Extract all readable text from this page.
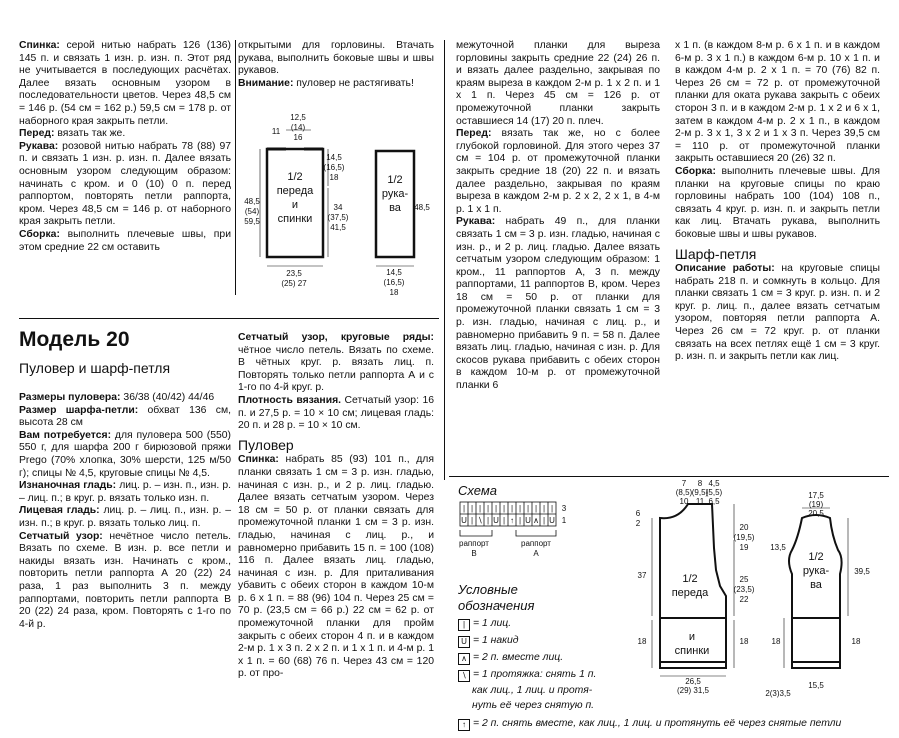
Спинка: серой нитью набрать 126 (136) 145 п. и связать 1 изн. р. изн. п. Этот ряд не учитывается в последующих расчётах. Далее вязать основным узором в последовательности цветов. Через 48,5 см = 146 р. (54 см = 162 р.) 59,5 см = 178 р. от наборного края закрыть петли.

Перед: вязать так же.

Рукава: розовой нитью набрать 78 (88) 97 п. и связать 1 изн. р. изн. п. Далее вязать основным узором следующим образом: начинать с кром. и 0 (10) 0 п. перед раппортом, повторять петли раппорта, кром. Через 48,5 см = 146 р. от наборного края закрыть петли.

Сборка: выполнить плечевые швы, при этом средние 22 см оставить

открытыми для горловины. Втачать рукава, выполнить боковые швы и швы рукавов.

Внимание: пуловер не растягивать!

12,5
(14)
16
11
14,5
(16,5)
18
48,5
(54)
59,5
34
(37,5)
41,5
23,5
(25) 27
48,5
14,5
(16,5)
18
1/2
переда
и
спинки
1/2
рука-
ва
Модель 20
Пуловер и шарф-петля

Размеры пуловера: 36/38 (40/42) 44/46

Размер шарфа-петли: обхват 136 см, высота 28 см

Вам потребуется: для пуловера 500 (550) 550 г, для шарфа 200 г бирюзовой пряжи Prego (70% хлопка, 30% шерсти, 125 м/50 г); спицы № 4,5, круговые спицы № 4,5.

Изнаночная гладь: лиц. р. – изн. п., изн. р. – лиц. п.; в круг. р. вязать только изн. п.

Лицевая гладь: лиц. р. – лиц. п., изн. р. – изн. п.; в круг. р. вязать только лиц. п.

Сетчатый узор: нечётное число петель. Вязать по схеме. В изн. р. все петли и накиды вязать изн. Начинать с кром., повторить петли раппорта А 20 (22) 24 раза, 1 раз выполнить 3 п. между раппортами, повторить петли раппорта В 20 (22) 24 раза, кром. Повторять с 1-го по 4-й р.

Сетчатый узор, круговые ряды: чётное число петель. Вязать по схеме. В чётных круг. р. вязать лиц. п. Повторять только петли раппорта А и с 1-го по 4-й круг. р.

Плотность вязания. Сетчатый узор: 16 п. и 27,5 р. = 10 × 10 см; лицевая гладь: 20 п. и 28 р. = 10 × 10 см.

Пуловер

Спинка: набрать 85 (93) 101 п., для планки связать 1 см = 3 р. изн. гладью, начиная с изн. р., и 2 р. лиц. гладью. Далее вязать сетчатым узором. Через 18 см = 50 р. от планки связать для промежуточной планки 1 см = 3 р. изн. гладью, начиная с лиц. р., и равномерно прибавить 15 п. = 100 (108) 116 п. Далее вязать лиц. гладью, начиная с изн. р. Для приталивания убавить с обеих сторон в каждом 10-м р. 6 x 1 п. = 88 (96) 104 п. Через 25 см = 70 р. (23,5 см = 66 р.) 22 см = 62 р. от промежуточной планки для пройм закрыть с обеих сторон 4 п. и в каждом 2-м р. 1 x 3 п. 2 x 2 п. и 1 x 1 п. и 4-м р. 1 x 1 п. = 60 (68) 76 п. Через 43 см = 120 р. от про-

межуточной планки для выреза горловины закрыть средние 22 (24) 26 п. и вязать далее раздельно, закрывая по краям выреза в каждом 2-м р. 1 x 2 п. и 1 x 1 п. Через 45 см = 126 р. от промежуточной планки закрыть оставшиеся 14 (17) 20 п. плеч.

Перед: вязать так же, но с более глубокой горловиной. Для этого через 37 см = 104 р. от промежуточной планки закрыть средние 18 (20) 22 п. и вязать далее раздельно, закрывая по краям выреза в каждом 2-м р. 2 x 2, 2 x 1, в 4-м р. 1 x 1 п.

Рукава: набрать 49 п., для планки связать 1 см = 3 р. изн. гладью, начиная с изн. р., и 2 р. лиц. гладью. Далее вязать сетчатым узором следующим образом: 1 кром., 11 раппортов А, 3 п. между раппортами, 11 раппортов В, кром. Через 18 см = 50 р. от планки для промежуточной планки связать 1 см = 3 р. изн. гладью, начиная с лиц. р., и равномерно прибавить 9 п. = 58 п. Далее вязать лиц. гладью, начиная с изн. р. Для скосов рукава прибавить с обеих сторон в каждом 10-м р. от промежуточной планки 6

x 1 п. (в каждом 8-м р. 6 x 1 п. и в каждом 6-м р. 3 x 1 п.) в каждом 6-м р. 10 x 1 п. и в каждом 4-м р. 2 x 1 п. = 70 (76) 82 п. Через 26 см = 72 р. от промежуточной планки для оката рукава закрыть с обеих сторон 3 п. и в каждом 2-м р. 1 x 2 и 6 x 1, затем в каждом 4-м р. 2 x 1 п., в каждом 2-м р. 3 x 1, 3 x 2 и 1 x 3 п. Через 39,5 см = 110 р. от промежуточной планки закрыть оставшиеся 20 (26) 32 п.

Сборка: выполнить плечевые швы. Для планки на круговые спицы по краю горловины набрать 100 (104) 108 п., связать 4 круг. р. изн. п. и закрыть петли как лиц. Втачать рукава, выполнить боковые швы и швы рукавов.

Шарф-петля

Описание работы: на круговые спицы набрать 218 п. и сомкнуть в кольцо. Для планки связать 1 см = 3 круг. р. изн. п. и 2 круг. р. лиц. п., далее вязать сетчатым узором, повторяя петли раппорта А. Через 26 см = 72 круг. р. от планки связать на всех петлях ещё 1 см = 3 круг. р. изн. п. и закрыть петли как лиц.

Схема
3
1
раппорт
В
раппорт
А
U | ∖ | U | ↑ | U ∧ | U
| | | | | | | | | | | |
Условные
обозначения
| = 1 лиц.
U = 1 накид
∧ = 2 п. вместе лиц.
∖ = 1 протяжка: снять 1 п.
как лиц., 1 лиц. и протя-
нуть её через снятую п.
↑ = 2 п. снять вместе, как лиц., 1 лиц. и протянуть её через снятые петли
7
(8,5)
10
8
(9,5)
11
4,5
(5,5)
6,5
6
2	20
(19,5)
19
37	25
(23,5)
22
18	18
26,5
(29) 31,5
17,5
(19)
20,5
13,5
39,5
18	18
15,5
2(3)3,5
1/2
переда
и
спинки
1/2
рука-
ва
